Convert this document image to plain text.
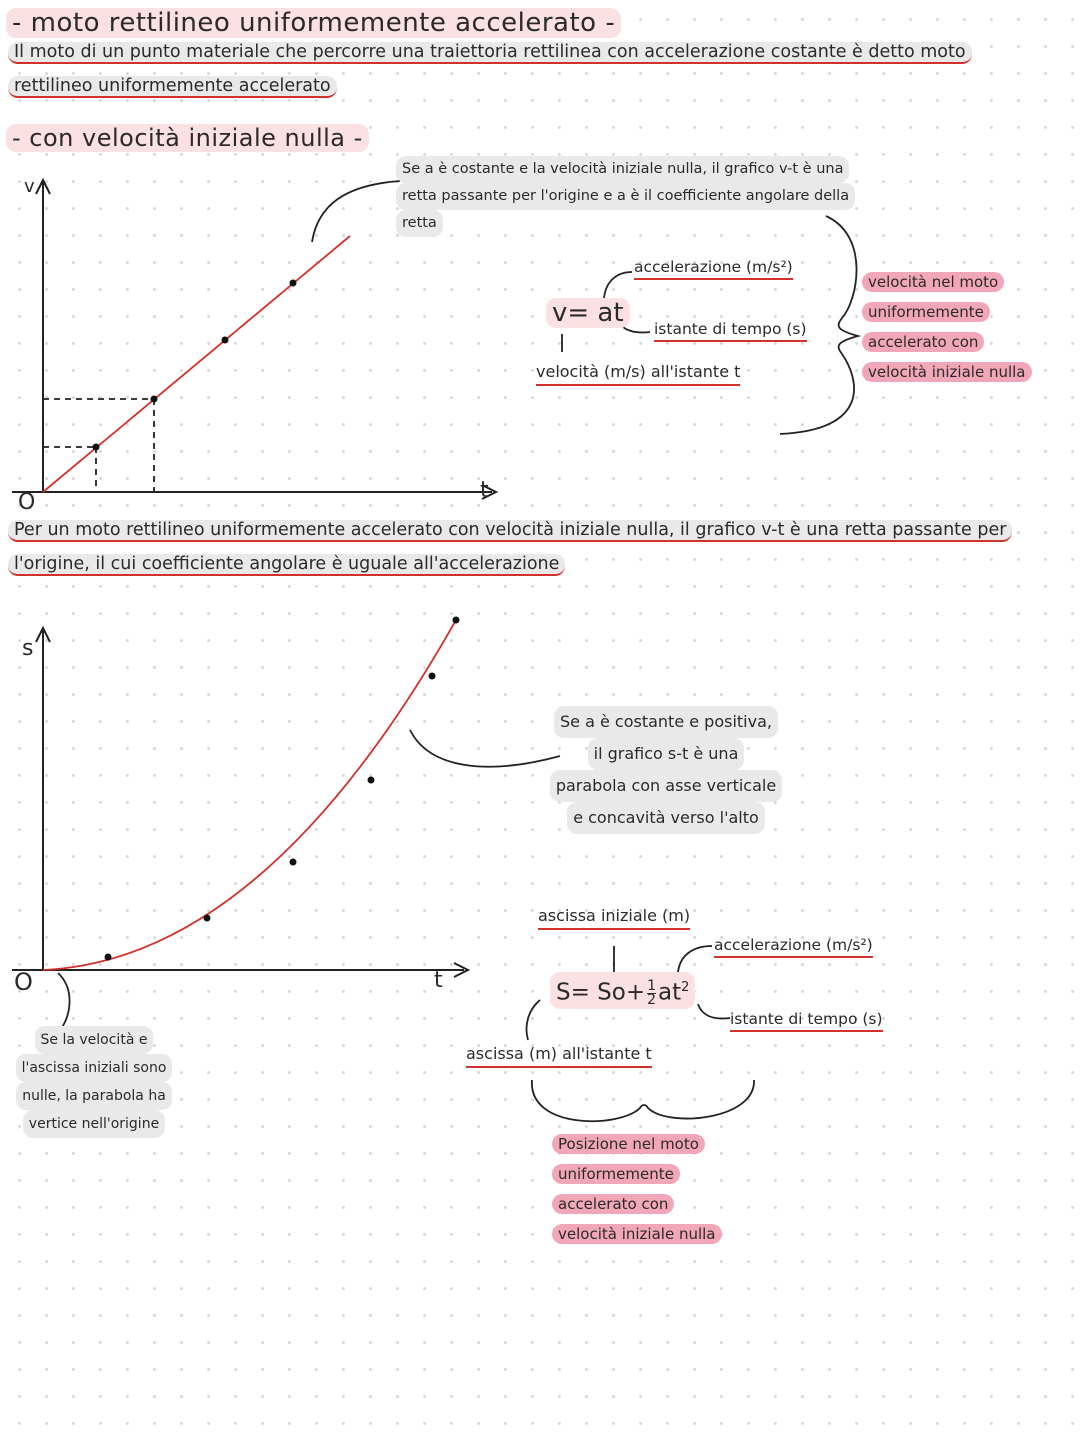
- moto rettilineo uniformemente accelerato -
Il moto di un punto materiale che percorre una traiettoria rettilinea con accelerazione costante è detto moto
rettilineo uniformemente accelerato
- con velocità iniziale nulla -
v
t
O
Se a è costante e la velocità iniziale nulla, il grafico v-t è una
retta passante per l'origine e a è il coefficiente angolare della
retta
v= at
accelerazione (m/s²)
istante di tempo (s)
velocità (m/s) all'istante t
velocità nel moto
uniformemente
accelerato con
velocità iniziale nulla
Per un moto rettilineo uniformemente accelerato con velocità iniziale nulla, il grafico v-t è una retta passante per
l'origine, il cui coefficiente angolare è uguale all'accelerazione
s
t
O
Se a è costante e positiva,
il grafico s-t è una
parabola con asse verticale
e concavità verso l'alto
Se la velocità e
l'ascissa iniziali sono
nulle, la parabola ha
vertice nell'origine
ascissa iniziale (m)
accelerazione (m/s²)
$S= So+ \frac{1}{2} at^2$
istante di tempo (s)
ascissa (m) all'istante t
Posizione nel moto
uniformemente
accelerato con
velocità iniziale nulla
